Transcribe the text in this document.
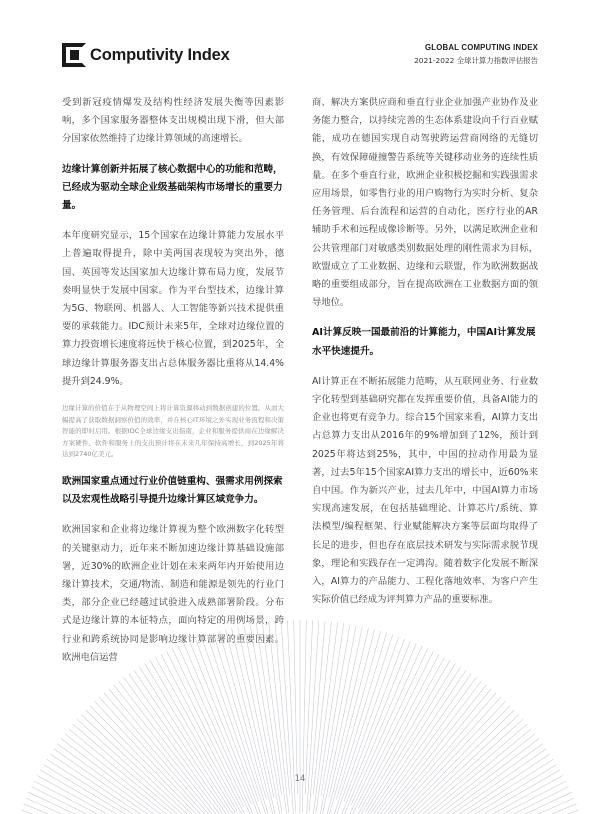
Computivity Index	GLOBAL COMPUTING INDEX
2021-2022 全球计算力指数评估报告

受到新冠疫情爆发及结构性经济发展失衡等因素影响，多个国家服务器整体支出规模出现下滑，但大部分国家依然维持了边缘计算领域的高速增长。

边缘计算创新并拓展了核心数据中心的功能和范畴，已经成为驱动全球企业级基础架构市场增长的重要力量。

本年度研究显示，15个国家在边缘计算能力发展水平上普遍取得提升，除中美两国表现较为突出外，德国、英国等发达国家加大边缘计算布局力度，发展节奏明显快于发展中国家。作为平台型技术，边缘计算为5G、物联网、机器人、人工智能等新兴技术提供重要的承载能力。IDC预计未来5年，全球对边缘位置的算力投资增长速度将远快于核心位置，到2025年，全球边缘计算服务器支出占总体服务器比重将从14.4%提升到24.9%。

边缘计算的价值在于从物理空间上将计算资源移动到数据创建的位置。从而大幅提高了获取数据洞察价值的效率，并在核心IT环境之外实现业务流程和决策智能的即时启用。根据IDC全球边缘支出指南，企业和服务提供商在边缘解决方案硬件、软件和服务上的支出预计将在未来几年保持高增长，到2025年将达到2740亿美元。

欧洲国家重点通过行业价值链重构、强需求用例探索以及宏观性战略引导提升边缘计算区域竞争力。

欧洲国家和企业将边缘计算视为整个欧洲数字化转型的关键驱动力，近年来不断加速边缘计算基础设施部署，近30%的欧洲企业计划在未来两年内开始使用边缘计算技术，交通/物流、制造和能源是领先的行业门类，部分企业已经越过试验进入成熟部署阶段。分布式是边缘计算的本征特点，面向特定的用例场景，跨行业和跨系统协同是影响边缘计算部署的重要因素。欧洲电信运营

商、解决方案供应商和垂直行业企业加强产业协作及业务能力整合，以持续完善的生态体系建设向千行百业赋能，成功在德国实现自动驾驶跨运营商网络的无缝切换，有效保障碰撞警告系统等关键移动业务的连续性质量。在多个垂直行业，欧洲企业积极挖掘和实践强需求应用场景，如零售行业的用户购物行为实时分析、复杂任务管理、后台流程和运营的自动化，医疗行业的AR辅助手术和远程成像诊断等。另外，以满足欧洲企业和公共管理部门对敏感类别数据处理的刚性需求为目标，欧盟成立了工业数据、边缘和云联盟，作为欧洲数据战略的重要组成部分，旨在提高欧洲在工业数据方面的领导地位。

AI计算反映一国最前沿的计算能力，中国AI计算发展水平快速提升。

AI计算正在不断拓展能力范畴，从互联网业务、行业数字化转型到基础研究都在发挥重要价值，具备AI能力的企业也将更有竞争力。综合15个国家来看，AI算力支出占总算力支出从2016年的9%增加到了12%，预计到2025年将达到25%，其中，中国的拉动作用最为显著，过去5年15个国家AI算力支出的增长中，近60%来自中国。作为新兴产业，过去几年中，中国AI算力市场实现高速发展，在包括基础理论、计算芯片/系统、算法模型/编程框架、行业赋能解决方案等层面均取得了长足的进步，但也存在底层技术研发与实际需求脱节现象，理论和实践存在一定鸿沟。随着数字化发展不断深入，AI算力的产品能力、工程化落地效率、为客户产生实际价值已经成为评判算力产品的重要标准。

14
